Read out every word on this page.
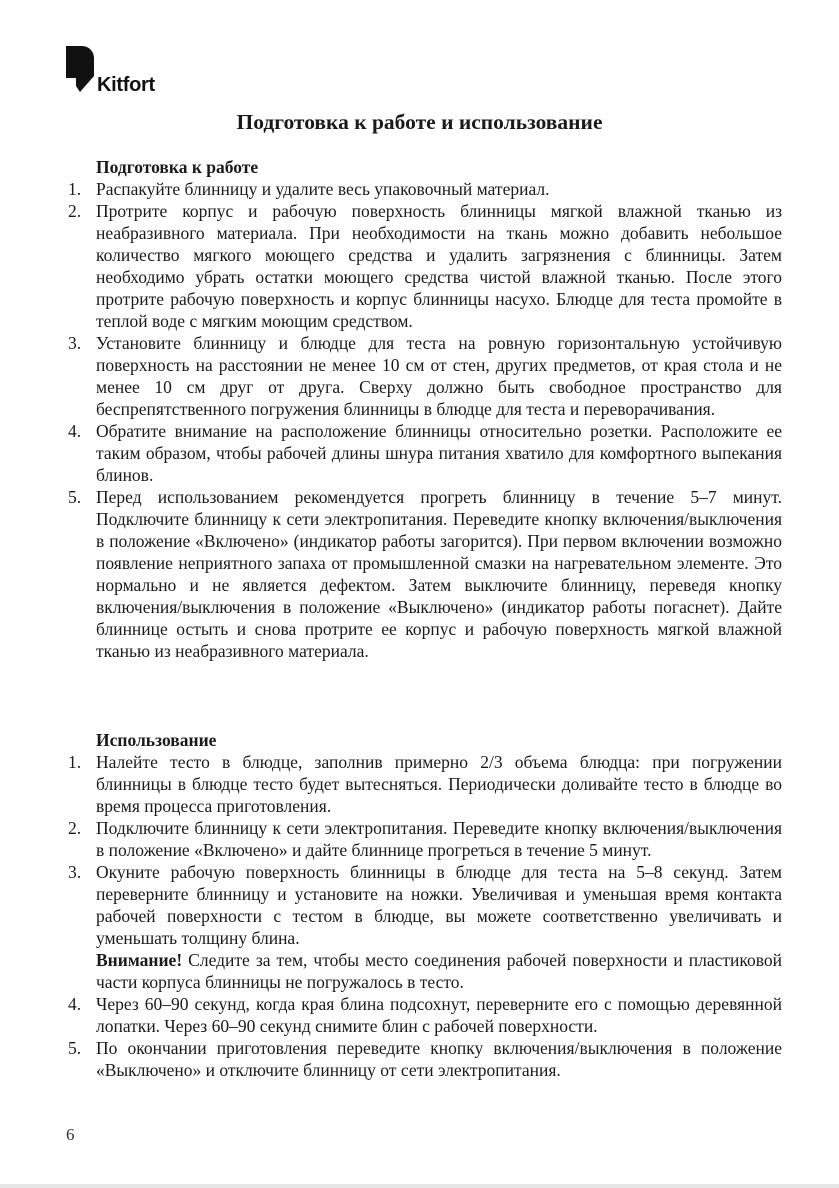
Kitfort
Подготовка к работе и использование
Подготовка к работе
1. Распакуйте блинницу и удалите весь упаковочный материал.
2. Протрите корпус и рабочую поверхность блинницы мягкой влажной тканью из неабразивного материала. При необходимости на ткань можно добавить небольшое количество мягкого моющего средства и удалить загрязнения с блинницы. Затем необходимо убрать остатки моющего средства чистой влажной тканью. После этого протрите рабочую поверхность и корпус блинницы насухо. Блюдце для теста промойте в теплой воде с мягким моющим средством.
3. Установите блинницу и блюдце для теста на ровную горизонтальную устойчивую поверхность на расстоянии не менее 10 см от стен, других предметов, от края стола и не менее 10 см друг от друга. Сверху должно быть свободное пространство для беспрепятственного погружения блинницы в блюдце для теста и переворачивания.
4. Обратите внимание на расположение блинницы относительно розетки. Расположите ее таким образом, чтобы рабочей длины шнура питания хватило для комфортного выпекания блинов.
5. Перед использованием рекомендуется прогреть блинницу в течение 5–7 минут. Подключите блинницу к сети электропитания. Переведите кнопку включения/выключения в положение «Включено» (индикатор работы загорится). При первом включении возможно появление неприятного запаха от промышленной смазки на нагревательном элементе. Это нормально и не является дефектом. Затем выключите блинницу, переведя кнопку включения/выключения в положение «Выключено» (индикатор работы погаснет). Дайте блиннице остыть и снова протрите ее корпус и рабочую поверхность мягкой влажной тканью из неабразивного материала.
Использование
1. Налейте тесто в блюдце, заполнив примерно 2/3 объема блюдца: при погружении блинницы в блюдце тесто будет вытесняться. Периодически доливайте тесто в блюдце во время процесса приготовления.
2. Подключите блинницу к сети электропитания. Переведите кнопку включения/выключения в положение «Включено» и дайте блиннице прогреться в течение 5 минут.
3. Окуните рабочую поверхность блинницы в блюдце для теста на 5–8 секунд. Затем переверните блинницу и установите на ножки. Увеличивая и уменьшая время контакта рабочей поверхности с тестом в блюдце, вы можете соответственно увеличивать и уменьшать толщину блина.
Внимание! Следите за тем, чтобы место соединения рабочей поверхности и пластиковой части корпуса блинницы не погружалось в тесто.
4. Через 60–90 секунд, когда края блина подсохнут, переверните его с помощью деревянной лопатки. Через 60–90 секунд снимите блин с рабочей поверхности.
5. По окончании приготовления переведите кнопку включения/выключения в положение «Выключено» и отключите блинницу от сети электропитания.
6
